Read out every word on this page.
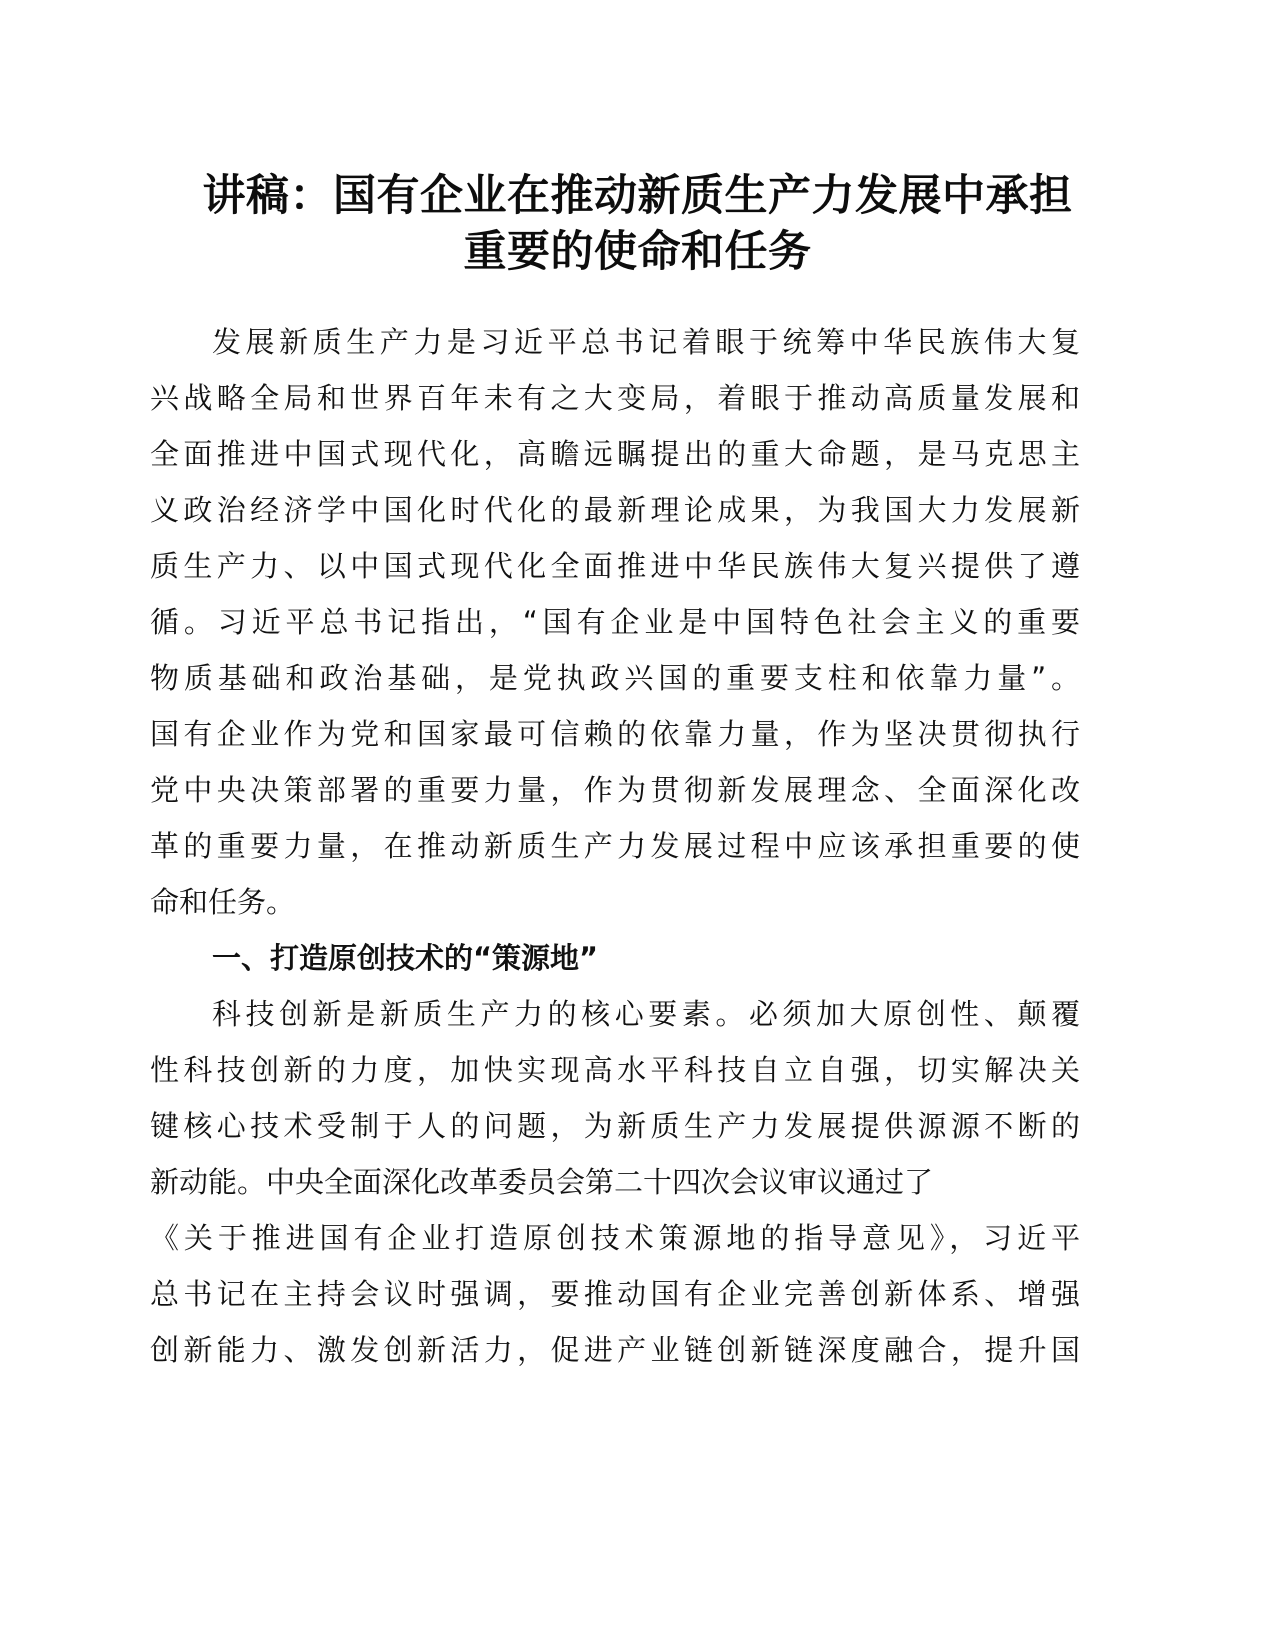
讲稿：国有企业在推动新质生产力发展中承担
重要的使命和任务
发展新质生产力是习近平总书记着眼于统筹中华民族伟大复
兴战略全局和世界百年未有之大变局，着眼于推动高质量发展和
全面推进中国式现代化，高瞻远瞩提出的重大命题，是马克思主
义政治经济学中国化时代化的最新理论成果，为我国大力发展新
质生产力、以中国式现代化全面推进中华民族伟大复兴提供了遵
循。习近平总书记指出，“国有企业是中国特色社会主义的重要
物质基础和政治基础，是党执政兴国的重要支柱和依靠力量”。
国有企业作为党和国家最可信赖的依靠力量，作为坚决贯彻执行
党中央决策部署的重要力量，作为贯彻新发展理念、全面深化改
革的重要力量，在推动新质生产力发展过程中应该承担重要的使
命和任务。
一、打造原创技术的“策源地”
科技创新是新质生产力的核心要素。必须加大原创性、颠覆
性科技创新的力度，加快实现高水平科技自立自强，切实解决关
键核心技术受制于人的问题，为新质生产力发展提供源源不断的
新动能。中央全面深化改革委员会第二十四次会议审议通过了
《关于推进国有企业打造原创技术策源地的指导意见》，习近平
总书记在主持会议时强调，要推动国有企业完善创新体系、增强
创新能力、激发创新活力，促进产业链创新链深度融合，提升国
